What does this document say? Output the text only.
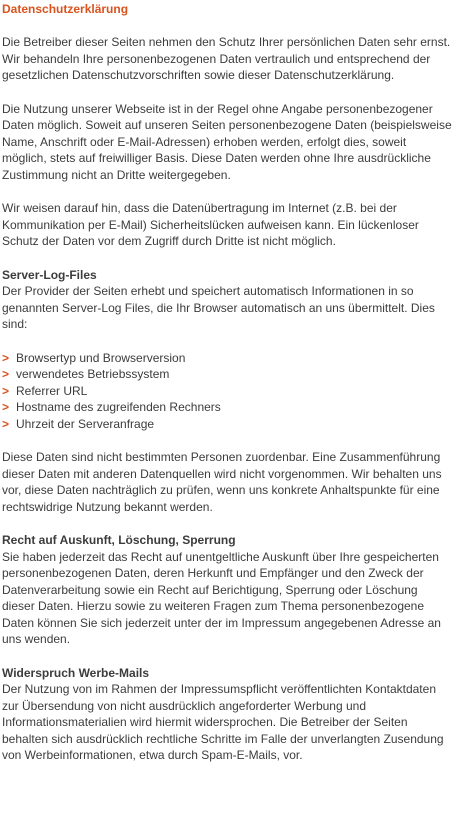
Datenschutzerklärung

Die Betreiber dieser Seiten nehmen den Schutz Ihrer persönlichen Daten sehr ernst. Wir behandeln Ihre personenbezogenen Daten vertraulich und entsprechend der gesetzlichen Datenschutzvorschriften sowie dieser Datenschutzerklärung.

Die Nutzung unserer Webseite ist in der Regel ohne Angabe personenbezogener Daten möglich. Soweit auf unseren Seiten personenbezogene Daten (beispielsweise Name, Anschrift oder E-Mail-Adressen) erhoben werden, erfolgt dies, soweit möglich, stets auf freiwilliger Basis. Diese Daten werden ohne Ihre ausdrückliche Zustimmung nicht an Dritte weitergegeben.

Wir weisen darauf hin, dass die Datenübertragung im Internet (z.B. bei der Kommunikation per E-Mail) Sicherheitslücken aufweisen kann. Ein lückenloser Schutz der Daten vor dem Zugriff durch Dritte ist nicht möglich.

Server-Log-Files

Der Provider der Seiten erhebt und speichert automatisch Informationen in so genannten Server-Log Files, die Ihr Browser automatisch an uns übermittelt. Dies sind:

> Browsertyp und Browserversion
> verwendetes Betriebssystem
> Referrer URL
> Hostname des zugreifenden Rechners
> Uhrzeit der Serveranfrage

Diese Daten sind nicht bestimmten Personen zuordenbar. Eine Zusammenführung dieser Daten mit anderen Datenquellen wird nicht vorgenommen. Wir behalten uns vor, diese Daten nachträglich zu prüfen, wenn uns konkrete Anhaltspunkte für eine rechtswidrige Nutzung bekannt werden.

Recht auf Auskunft, Löschung, Sperrung

Sie haben jederzeit das Recht auf unentgeltliche Auskunft über Ihre gespeicherten personenbezogenen Daten, deren Herkunft und Empfänger und den Zweck der Datenverarbeitung sowie ein Recht auf Berichtigung, Sperrung oder Löschung dieser Daten. Hierzu sowie zu weiteren Fragen zum Thema personenbezogene Daten können Sie sich jederzeit unter der im Impressum angegebenen Adresse an uns wenden.

Widerspruch Werbe-Mails

Der Nutzung von im Rahmen der Impressumspflicht veröffentlichten Kontaktdaten zur Übersendung von nicht ausdrücklich angeforderter Werbung und Informationsmaterialien wird hiermit widersprochen. Die Betreiber der Seiten behalten sich ausdrücklich rechtliche Schritte im Falle der unverlangten Zusendung von Werbeinformationen, etwa durch Spam-E-Mails, vor.
